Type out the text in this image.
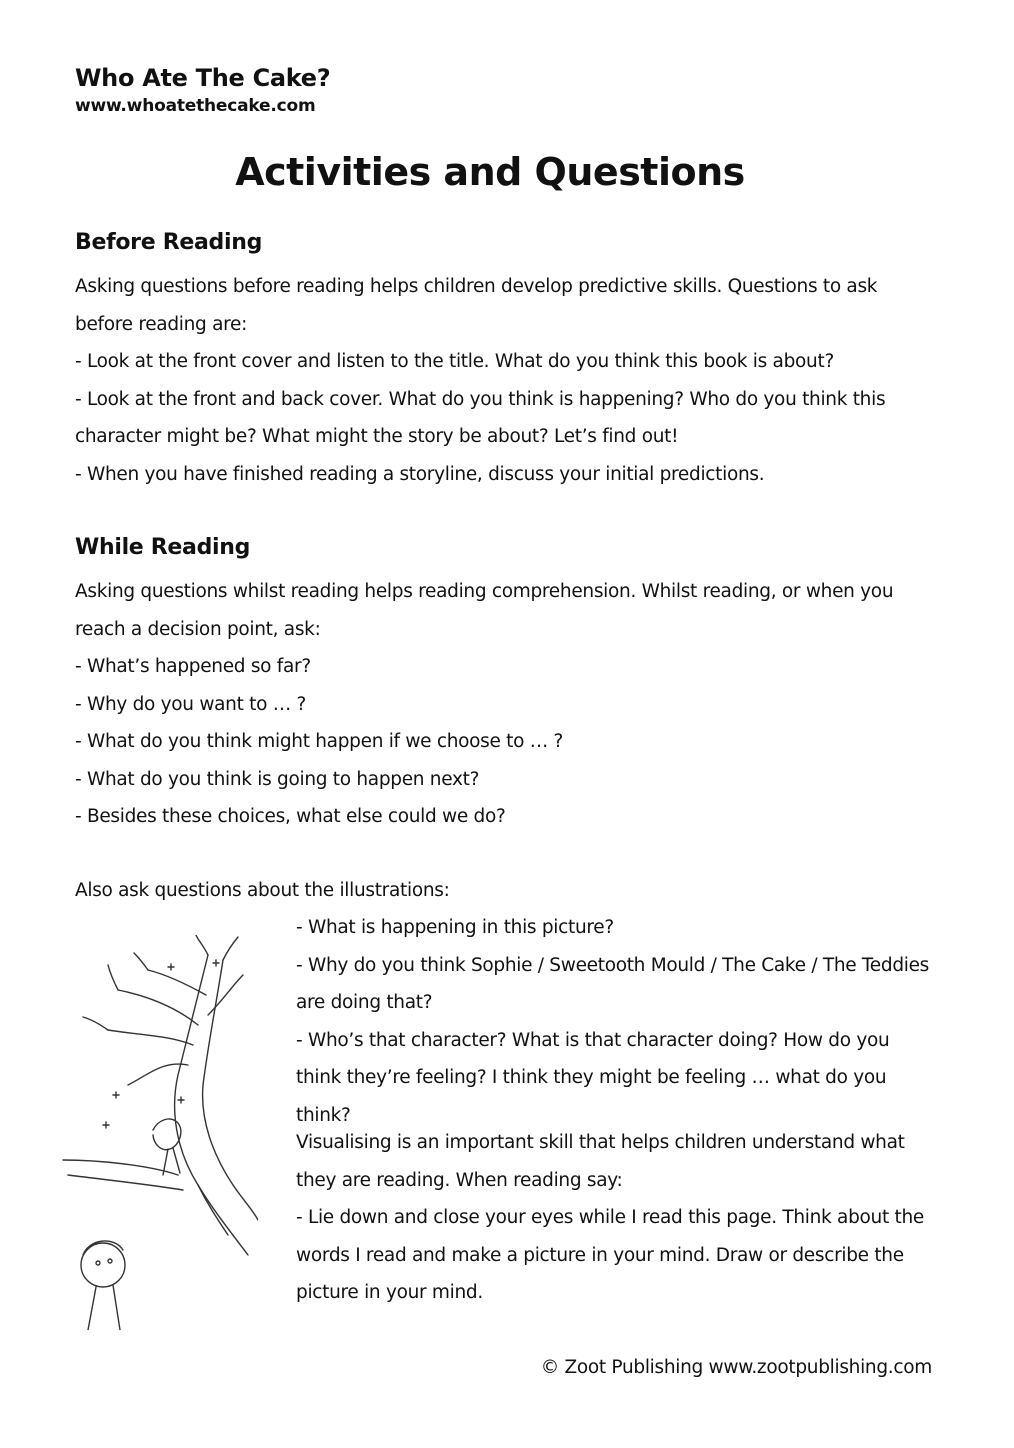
Who Ate The Cake?
www.whoatethecake.com
Activities and Questions
Before Reading

Asking questions before reading helps children develop predictive skills. Questions to ask before reading are:

- Look at the front cover and listen to the title. What do you think this book is about?

- Look at the front and back cover. What do you think is happening? Who do you think this character might be? What might the story be about? Let’s find out!

- When you have finished reading a storyline, discuss your initial predictions.

While Reading

Asking questions whilst reading helps reading comprehension. Whilst reading, or when you reach a decision point, ask:

- What’s happened so far?

- Why do you want to … ?

- What do you think might happen if we choose to … ?

- What do you think is going to happen next?

- Besides these choices, what else could we do?

Also ask questions about the illustrations:

- What is happening in this picture?

- Why do you think Sophie / Sweetooth Mould / The Cake / The Teddies are doing that?

- Who’s that character? What is that character doing? How do you think they’re feeling? I think they might be feeling … what do you think?

Visualising is an important skill that helps children understand what they are reading. When reading say:

- Lie down and close your eyes while I read this page. Think about the words I read and make a picture in your mind. Draw or describe the picture in your mind.

© Zoot Publishing www.zootpublishing.com
